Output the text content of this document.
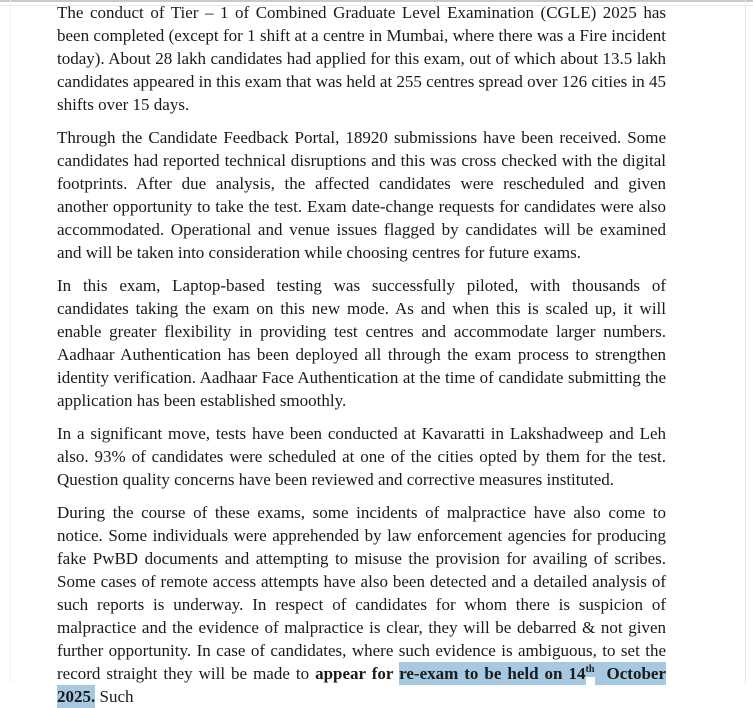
The conduct of Tier – 1 of Combined Graduate Level Examination (CGLE) 2025 has been completed (except for 1 shift at a centre in Mumbai, where there was a Fire incident today). About 28 lakh candidates had applied for this exam, out of which about 13.5 lakh candidates appeared in this exam that was held at 255 centres spread over 126 cities in 45 shifts over 15 days.

Through the Candidate Feedback Portal, 18920 submissions have been received. Some candidates had reported technical disruptions and this was cross checked with the digital footprints. After due analysis, the affected candidates were rescheduled and given another opportunity to take the test. Exam date-change requests for candidates were also accommodated. Operational and venue issues flagged by candidates will be examined and will be taken into consideration while choosing centres for future exams.

In this exam, Laptop-based testing was successfully piloted, with thousands of candidates taking the exam on this new mode. As and when this is scaled up, it will enable greater flexibility in providing test centres and accommodate larger numbers. Aadhaar Authentication has been deployed all through the exam process to strengthen identity verification. Aadhaar Face Authentication at the time of candidate submitting the application has been established smoothly.

In a significant move, tests have been conducted at Kavaratti in Lakshadweep and Leh also. 93% of candidates were scheduled at one of the cities opted by them for the test. Question quality concerns have been reviewed and corrective measures instituted.

During the course of these exams, some incidents of malpractice have also come to notice. Some individuals were apprehended by law enforcement agencies for producing fake PwBD documents and attempting to misuse the provision for availing of scribes. Some cases of remote access attempts have also been detected and a detailed analysis of such reports is underway. In respect of candidates for whom there is suspicion of malpractice and the evidence of malpractice is clear, they will be debarred & not given further opportunity. In case of candidates, where such evidence is ambiguous, to set the record straight they will be made to appear for re-exam to be held on 14th  October 2025. Such
